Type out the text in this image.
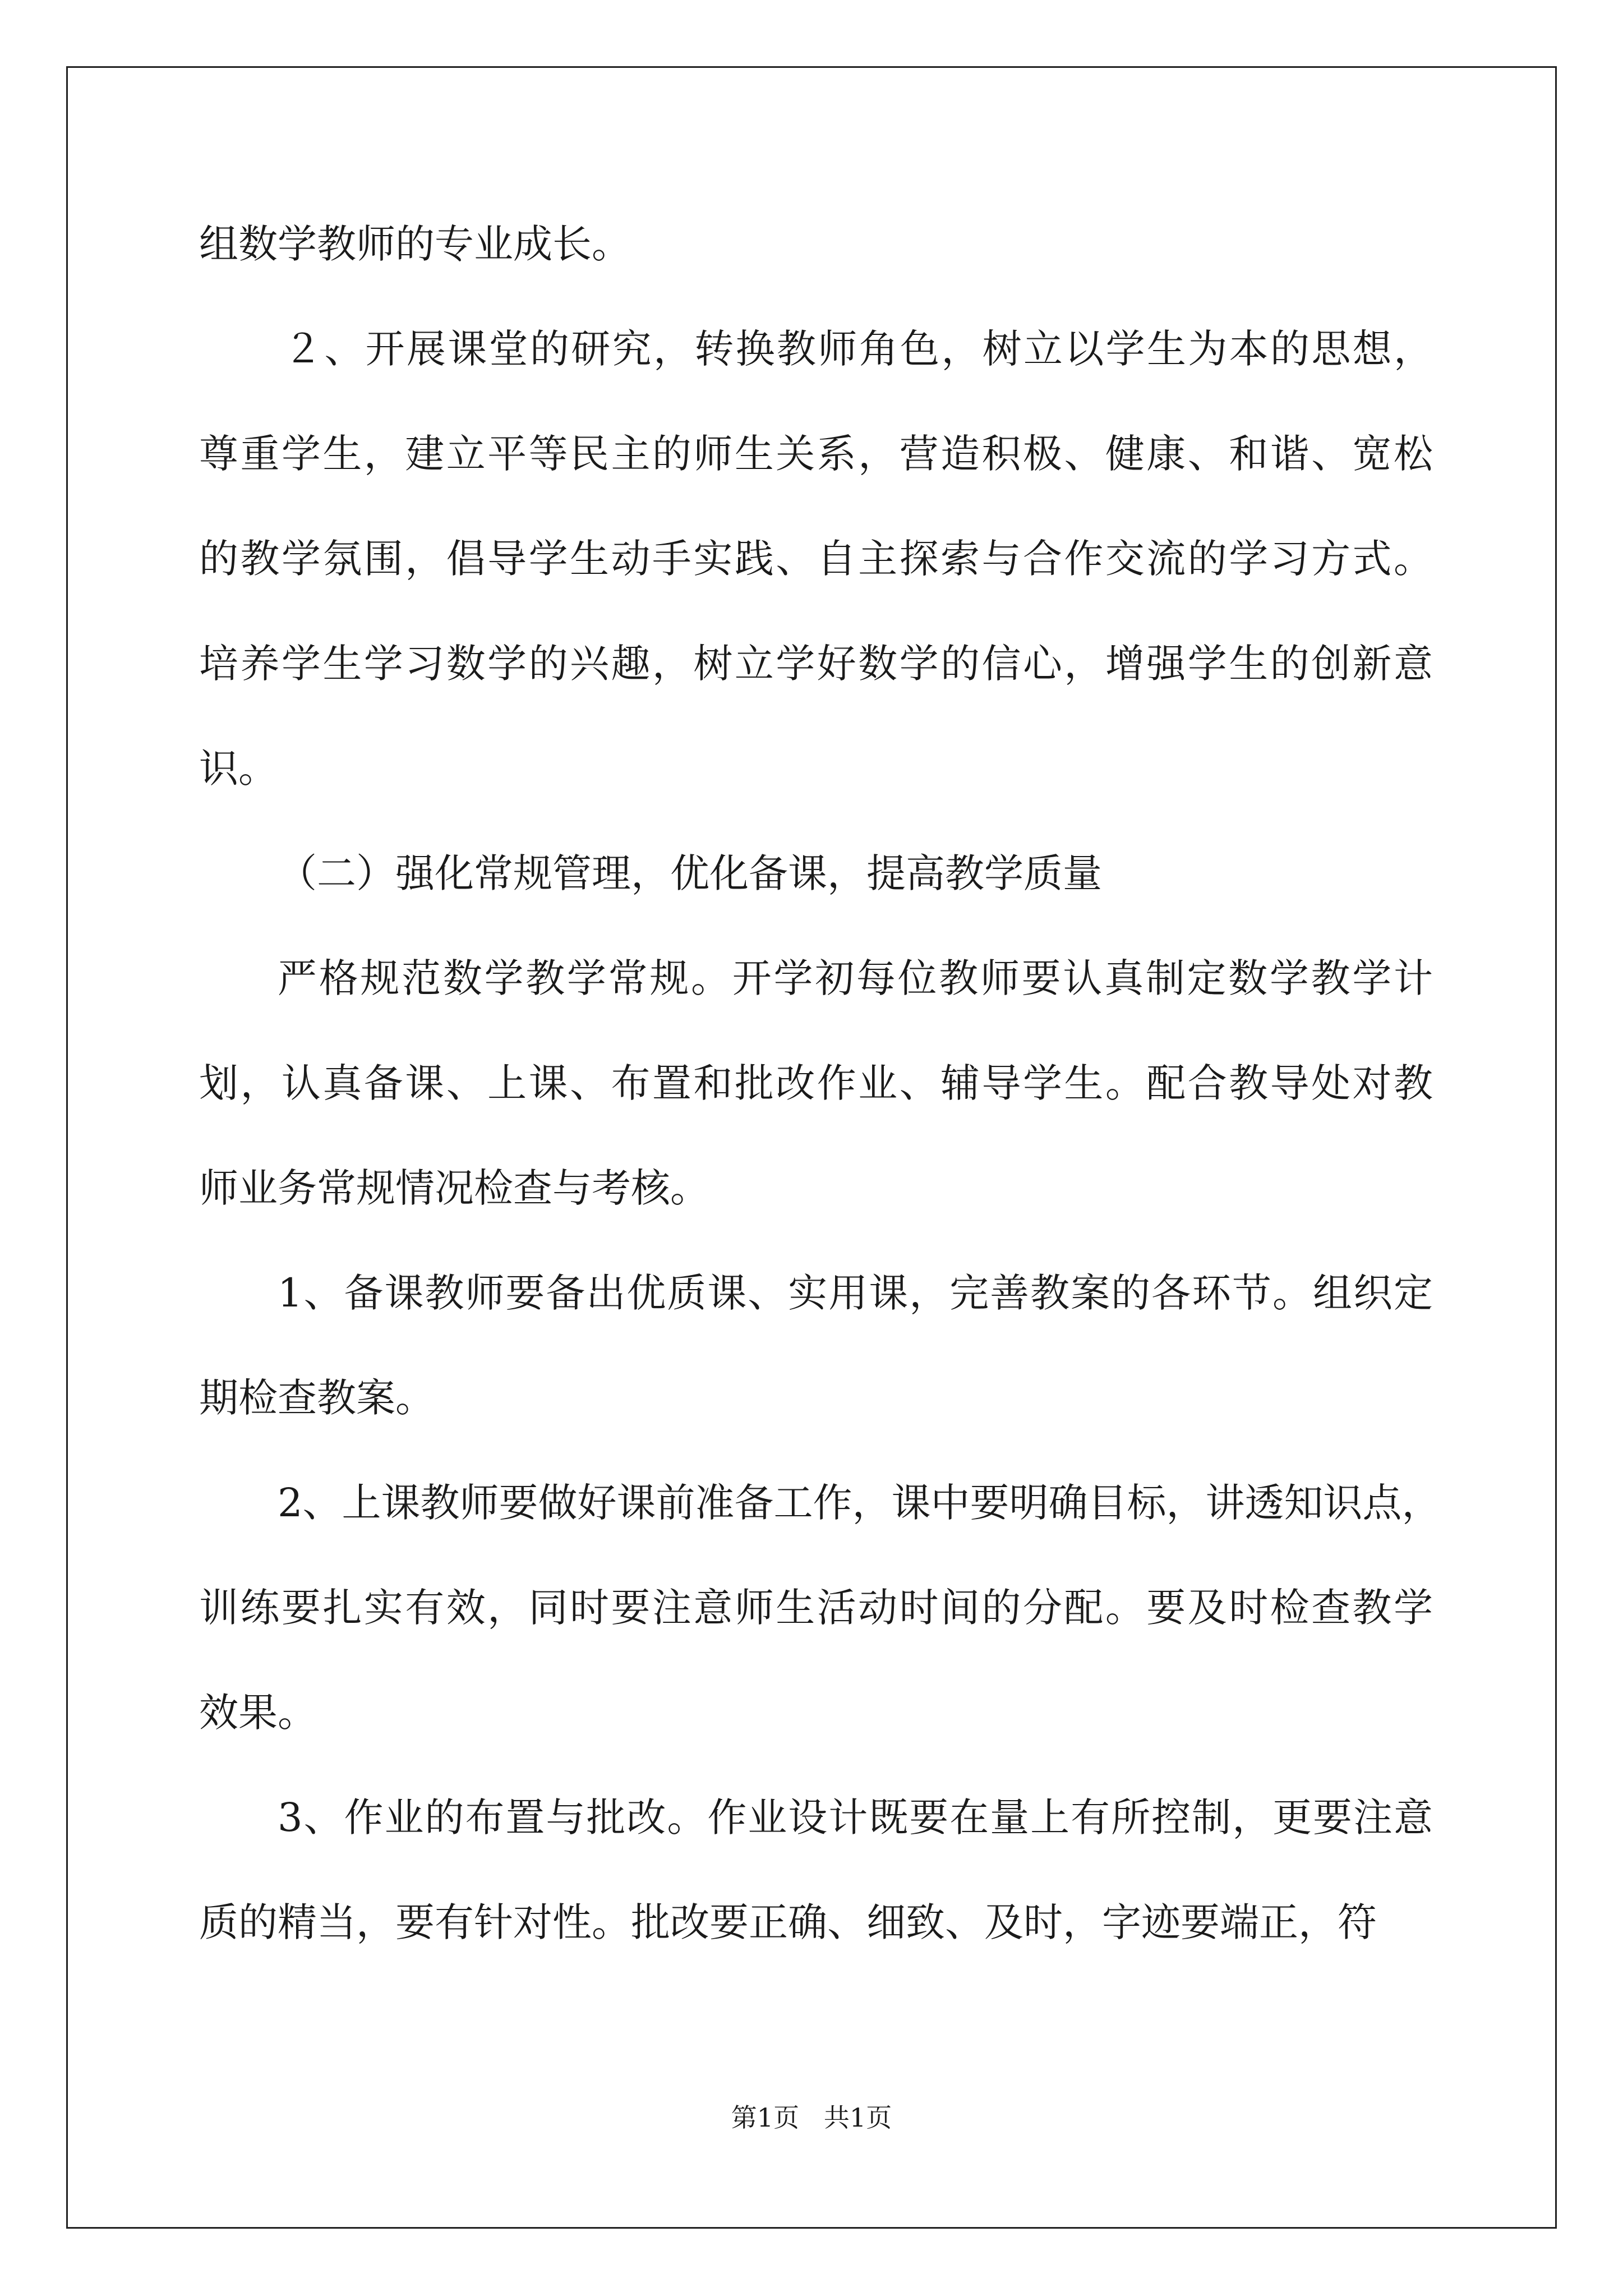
组数学教师的专业成长。
２、开展课堂的研究，转换教师角色，树立以学生为本的思想，
尊重学生，建立平等民主的师生关系，营造积极、健康、和谐、宽松
的教学氛围，倡导学生动手实践、自主探索与合作交流的学习方式。
培养学生学习数学的兴趣，树立学好数学的信心，增强学生的创新意
识。
（二）强化常规管理，优化备课，提高教学质量
严格规范数学教学常规。开学初每位教师要认真制定数学教学计
划，认真备课、上课、布置和批改作业、辅导学生。配合教导处对教
师业务常规情况检查与考核。
1、备课教师要备出优质课、实用课，完善教案的各环节。组织定
期检查教案。
2、上课教师要做好课前准备工作，课中要明确目标，讲透知识点，
训练要扎实有效，同时要注意师生活动时间的分配。要及时检查教学
效果。
3、作业的布置与批改。作业设计既要在量上有所控制，更要注意
质的精当，要有针对性。批改要正确、细致、及时，字迹要端正，符
第1页   共1页
